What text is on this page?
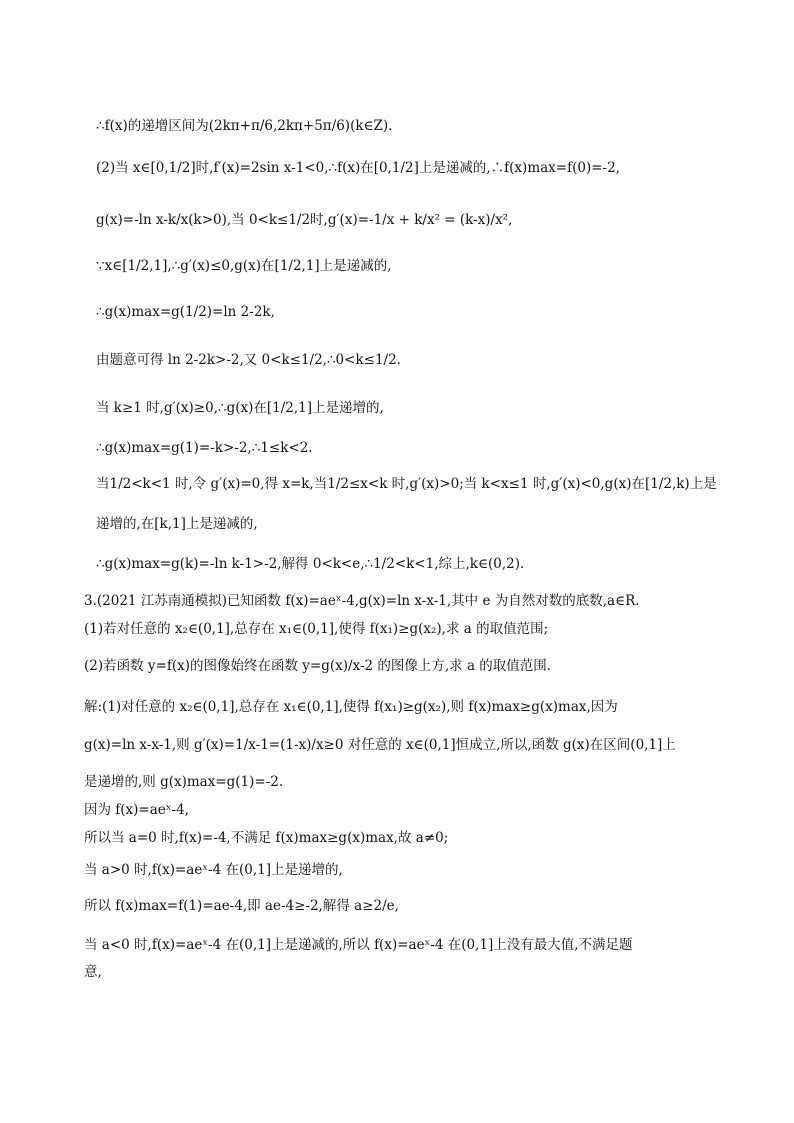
∴f(x)的递增区间为(2kπ+π/6,2kπ+5π/6)(k∈Z).
(2)当 x∈[0,1/2]时,f′(x)=2sin x-1<0,∴f(x)在[0,1/2]上是递减的,∴f(x)max=f(0)=-2,
g(x)=-ln x-k/x(k>0),当 0<k≤1/2时,g′(x)=-1/x + k/x² = (k-x)/x²,
∵x∈[1/2,1],∴g′(x)≤0,g(x)在[1/2,1]上是递减的,
∴g(x)max=g(1/2)=ln 2-2k,
由题意可得 ln 2-2k>-2,又 0<k≤1/2,∴0<k≤1/2.
当 k≥1 时,g′(x)≥0,∴g(x)在[1/2,1]上是递增的,
∴g(x)max=g(1)=-k>-2,∴1≤k<2.
当1/2<k<1 时,令 g′(x)=0,得 x=k,当1/2≤x<k 时,g′(x)>0;当 k<x≤1 时,g′(x)<0,g(x)在[1/2,k)上是
递增的,在[k,1]上是递减的,
∴g(x)max=g(k)=-ln k-1>-2,解得 0<k<e,∴1/2<k<1,综上,k∈(0,2).
3.(2021 江苏南通模拟)已知函数 f(x)=aeˣ-4,g(x)=ln x-x-1,其中 e 为自然对数的底数,a∈R.
(1)若对任意的 x₂∈(0,1],总存在 x₁∈(0,1],使得 f(x₁)≥g(x₂),求 a 的取值范围;
(2)若函数 y=f(x)的图像始终在函数 y=g(x)/x-2 的图像上方,求 a 的取值范围.
解:(1)对任意的 x₂∈(0,1],总存在 x₁∈(0,1],使得 f(x₁)≥g(x₂),则 f(x)max≥g(x)max,因为
g(x)=ln x-x-1,则 g′(x)=1/x-1=(1-x)/x≥0 对任意的 x∈(0,1]恒成立,所以,函数 g(x)在区间(0,1]上
是递增的,则 g(x)max=g(1)=-2.
因为 f(x)=aeˣ-4,
所以当 a=0 时,f(x)=-4,不满足 f(x)max≥g(x)max,故 a≠0;
当 a>0 时,f(x)=aeˣ-4 在(0,1]上是递增的,
所以 f(x)max=f(1)=ae-4,即 ae-4≥-2,解得 a≥2/e,
当 a<0 时,f(x)=aeˣ-4 在(0,1]上是递减的,所以 f(x)=aeˣ-4 在(0,1]上没有最大值,不满足题
意,
